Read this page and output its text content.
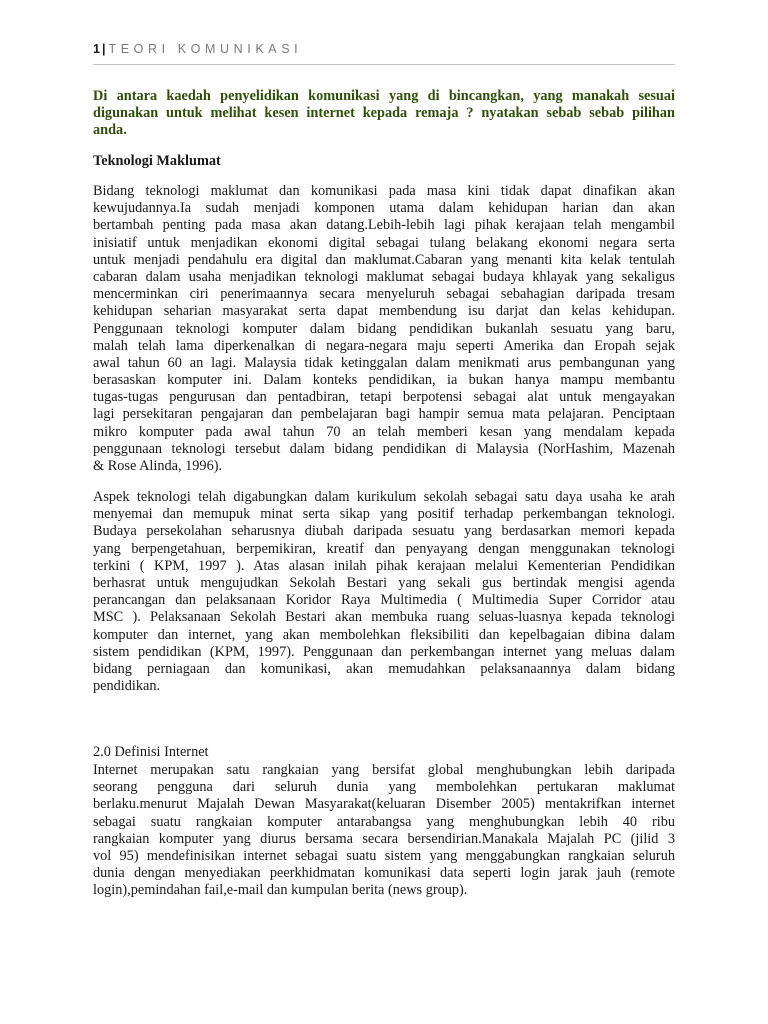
1 | TEORI KOMUNIKASI
Di antara kaedah penyelidikan komunikasi yang di bincangkan, yang manakah sesuai
digunakan untuk melihat kesen internet kepada remaja ? nyatakan sebab sebab pilihan
anda.
Teknologi Maklumat
Bidang teknologi maklumat dan komunikasi pada masa kini tidak dapat dinafikan akan
kewujudannya.Ia sudah menjadi komponen utama dalam kehidupan harian dan akan
bertambah penting pada masa akan datang.Lebih-lebih lagi pihak kerajaan telah mengambil
inisiatif untuk menjadikan ekonomi digital sebagai tulang belakang ekonomi negara serta
untuk menjadi pendahulu era digital dan maklumat.Cabaran yang menanti kita kelak tentulah
cabaran dalam usaha menjadikan teknologi maklumat sebagai budaya khlayak yang sekaligus
mencerminkan ciri penerimaannya secara menyeluruh sebagai sebahagian daripada tresam
kehidupan seharian masyarakat serta dapat membendung isu darjat dan kelas kehidupan.
Penggunaan teknologi komputer dalam bidang pendidikan bukanlah sesuatu yang baru,
malah telah lama diperkenalkan di negara-negara maju seperti Amerika dan Eropah sejak
awal tahun 60 an lagi. Malaysia tidak ketinggalan dalam menikmati arus pembangunan yang
berasaskan komputer ini. Dalam konteks pendidikan, ia bukan hanya mampu membantu
tugas-tugas pengurusan dan pentadbiran, tetapi berpotensi sebagai alat untuk mengayakan
lagi persekitaran pengajaran dan pembelajaran bagi hampir semua mata pelajaran. Penciptaan
mikro komputer pada awal tahun 70 an telah memberi kesan yang mendalam kepada
penggunaan teknologi tersebut dalam bidang pendidikan di Malaysia (NorHashim, Mazenah
& Rose Alinda, 1996).
Aspek teknologi telah digabungkan dalam kurikulum sekolah sebagai satu daya usaha ke arah
menyemai dan memupuk minat serta sikap yang positif terhadap perkembangan teknologi.
Budaya persekolahan seharusnya diubah daripada sesuatu yang berdasarkan memori kepada
yang berpengetahuan, berpemikiran, kreatif dan penyayang dengan menggunakan teknologi
terkini ( KPM, 1997 ). Atas alasan inilah pihak kerajaan melalui Kementerian Pendidikan
berhasrat untuk mengujudkan Sekolah Bestari yang sekali gus bertindak mengisi agenda
perancangan dan pelaksanaan Koridor Raya Multimedia ( Multimedia Super Corridor atau
MSC ). Pelaksanaan Sekolah Bestari akan membuka ruang seluas-luasnya kepada teknologi
komputer dan internet, yang akan membolehkan fleksibiliti dan kepelbagaian dibina dalam
sistem pendidikan (KPM, 1997). Penggunaan dan perkembangan internet yang meluas dalam
bidang perniagaan dan komunikasi, akan memudahkan pelaksanaannya dalam bidang
pendidikan.
2.0 Definisi Internet
Internet merupakan satu rangkaian yang bersifat global menghubungkan lebih daripada
seorang pengguna dari seluruh dunia yang membolehkan pertukaran maklumat
berlaku.menurut Majalah Dewan Masyarakat(keluaran Disember 2005) mentakrifkan internet
sebagai suatu rangkaian komputer antarabangsa yang menghubungkan lebih 40 ribu
rangkaian komputer yang diurus bersama secara bersendirian.Manakala Majalah PC (jilid 3
vol 95) mendefinisikan internet sebagai suatu sistem yang menggabungkan rangkaian seluruh
dunia dengan menyediakan peerkhidmatan komunikasi data seperti login jarak jauh (remote
login),pemindahan fail,e-mail dan kumpulan berita (news group).
